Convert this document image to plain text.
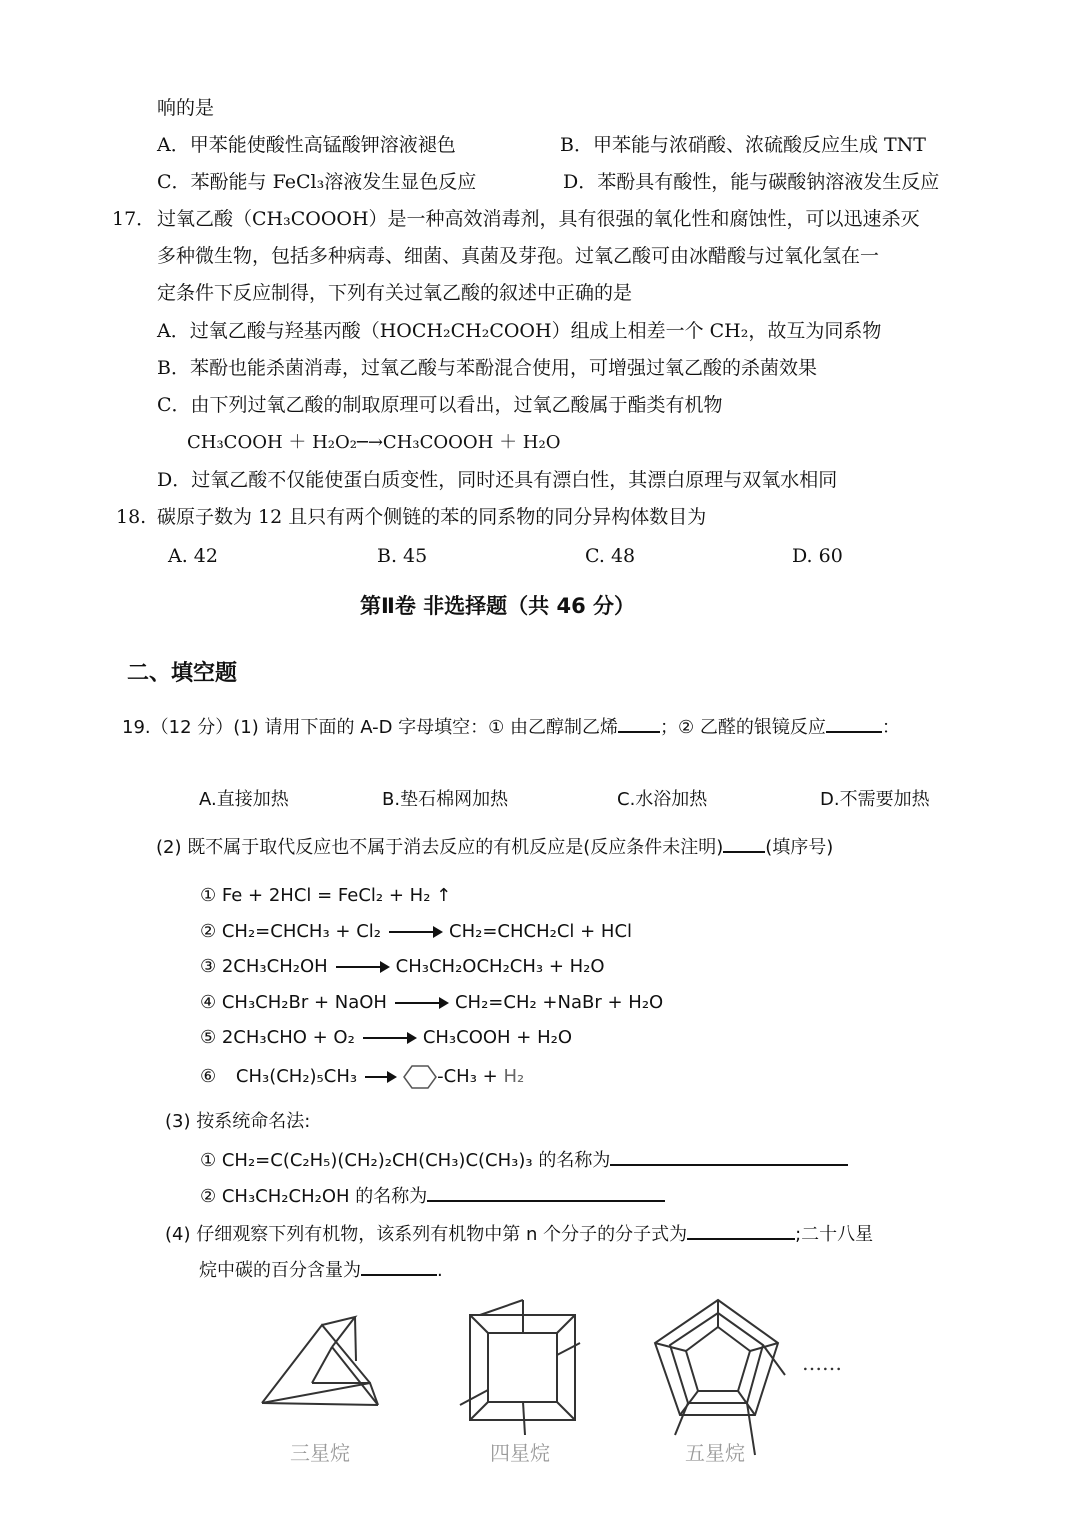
响的是
A．甲苯能使酸性高锰酸钾溶液褪色	B．甲苯能与浓硝酸、浓硫酸反应生成 TNT
C．苯酚能与 FeCl₃溶液发生显色反应	D．苯酚具有酸性，能与碳酸钠溶液发生反应
17． 过氧乙酸（CH₃COOOH）是一种高效消毒剂，具有很强的氧化性和腐蚀性，可以迅速杀灭
多种微生物，包括多种病毒、细菌、真菌及芽孢。过氧乙酸可由冰醋酸与过氧化氢在一
定条件下反应制得，下列有关过氧乙酸的叙述中正确的是
A．过氧乙酸与羟基丙酸（HOCH₂CH₂COOH）组成上相差一个 CH₂，故互为同系物
B．苯酚也能杀菌消毒，过氧乙酸与苯酚混合使用，可增强过氧乙酸的杀菌效果
C．由下列过氧乙酸的制取原理可以看出，过氧乙酸属于酯类有机物
CH₃COOH ＋ H₂O₂─→CH₃COOOH ＋ H₂O
D．过氧乙酸不仅能使蛋白质变性，同时还具有漂白性，其漂白原理与双氧水相同
18. 碳原子数为 12 且只有两个侧链的苯的同系物的同分异构体数目为
A. 42	B. 45	C. 48	D. 60
第Ⅱ卷 非选择题（共 46 分）
二、填空题
19.（12 分）(1) 请用下面的 A-D 字母填空：① 由乙醇制乙烯 ；② 乙醛的银镜反应	：
A.直接加热	B.垫石棉网加热	C.水浴加热	D.不需要加热
(2) 既不属于取代反应也不属于消去反应的有机反应是(反应条件未注明) (填序号)
① Fe + 2HCl = FeCl₂ + H₂ ↑
② CH₂=CHCH₃ + Cl₂	CH₂=CHCH₂Cl + HCl
③ 2CH₃CH₂OH	CH₃CH₂OCH₂CH₃ + H₂O
④ CH₃CH₂Br + NaOH	CH₂=CH₂ +NaBr + H₂O
⑤ 2CH₃CHO + O₂	CH₃COOH + H₂O
⑥ CH₃(CH₂)₅CH₃	-CH₃ + H₂
(3) 按系统命名法:
① CH₂=C(C₂H₅)(CH₂)₂CH(CH₃)C(CH₃)₃ 的名称为
② CH₃CH₂CH₂OH 的名称为
(4) 仔细观察下列有机物，该系列有机物中第 n 个分子的分子式为	;二十八星
烷中碳的百分含量为	.
……
三星烷	四星烷	五星烷
